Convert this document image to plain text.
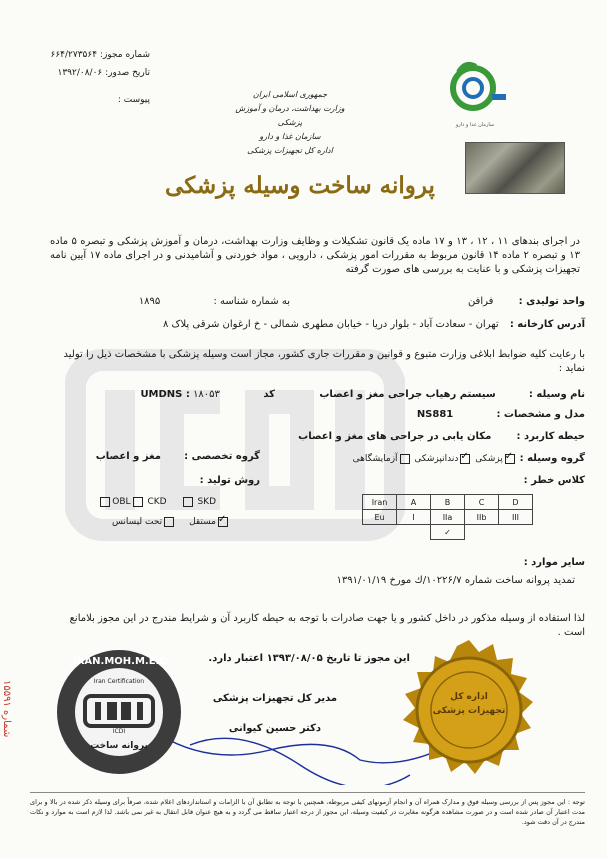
شماره مجوز: ۶۶۴/۲۷۳۵۶۴
تاریخ صدور: ۱۳۹۲/۰۸/۰۶
پیوست :
جمهوری اسلامی ایران
وزارت بهداشت، درمان و آموزش پزشکی
سازمان غذا و دارو
اداره کل تجهیزات پزشکی
سازمان غذا و دارو
پروانه ساخت وسیله پزشکی
در اجرای بندهای ۱۱ ، ۱۲ ، ۱۳ و ۱۷ ماده یک قانون تشکیلات و وظایف وزارت بهداشت، درمان و آموزش پزشکی و تبصره ۵ ماده ۱۳ و تبصره ۲ ماده ۱۴ قانون مربوط به مقررات امور پزشکی ، دارویی ، مواد خوردنی و آشامیدنی و در اجرای ماده ۱۷ آیین نامه تجهیزات پزشکی و با عنایت به بررسی های صورت گرفته
واحد تولیدی : فرافن
به شماره شناسه : ۱۸۹۵
آدرس کارخانه : تهران - سعادت آباد - بلوار دریا - خیابان مطهری شمالی - خ ارغوان شرقی پلاک ۸
با رعایت کلیه ضوابط ابلاغی وزارت متبوع و قوانین و مقررات جاری کشور، مجاز است وسیله پزشکی با مشخصات ذیل را تولید نماید :
نام وسیله : سیستم رهیاب جراحی مغز و اعصاب
کد UMDNS : ۱۸۰۵۳
مدل و مشخصات : NS881
حیطه کاربرد : مکان یابی در جراحی های مغز و اعصاب
گروه وسیله : ✓پزشکی ✓دندانپزشکی آزمایشگاهی
گروه تخصصی : مغز و اعصاب
کلاس خطر :
روش تولید :
OBL CKD	SKD
✓مستقل تحت لیسانس
Iran	A	B	C	D
Eu	I	IIa	IIb	III
		✓		
سایر موارد :
تمدید پروانه ساخت شماره ۱۰۲۲۶/۷/ك مورخ ۱۳۹۱/۰۱/۱۹
لذا استفاده از وسیله مذکور در داخل کشور و یا جهت صادرات با توجه به حیطه کاربرد آن و شرایط مندرج در این مجوز بلامانع است .
این مجوز تا تاریخ ۱۳۹۳/۰۸/۰۵ اعتبار دارد.
مدیر کل تجهیزات پزشکی
دکتر حسین کیوانی
IRAN.MOH.M.E.D
Iran Certification
ICDI
پروانه ساخت
اداره کل تجهیزات پزشکی
توجه : این مجوز پس از بررسی وسیله فوق و مدارک همراه آن و انجام آزمونهای کیفی مربوطه، همچنین با توجه به تطابق آن با الزامات و استانداردهای اعلام شده، صرفاً برای وسیله ذکر شده در بالا و برای مدت اعتبار آن صادر شده است و در صورت مشاهده هرگونه مغایرت در کیفیت وسیله، این مجوز از درجه اعتبار ساقط می گردد و به هیچ عنوان قابل انتقال به غیر نمی باشد. لذا لازم است به موارد و نکات مندرج در آن دقت شود.
۱۵۵۹۱ شماره
